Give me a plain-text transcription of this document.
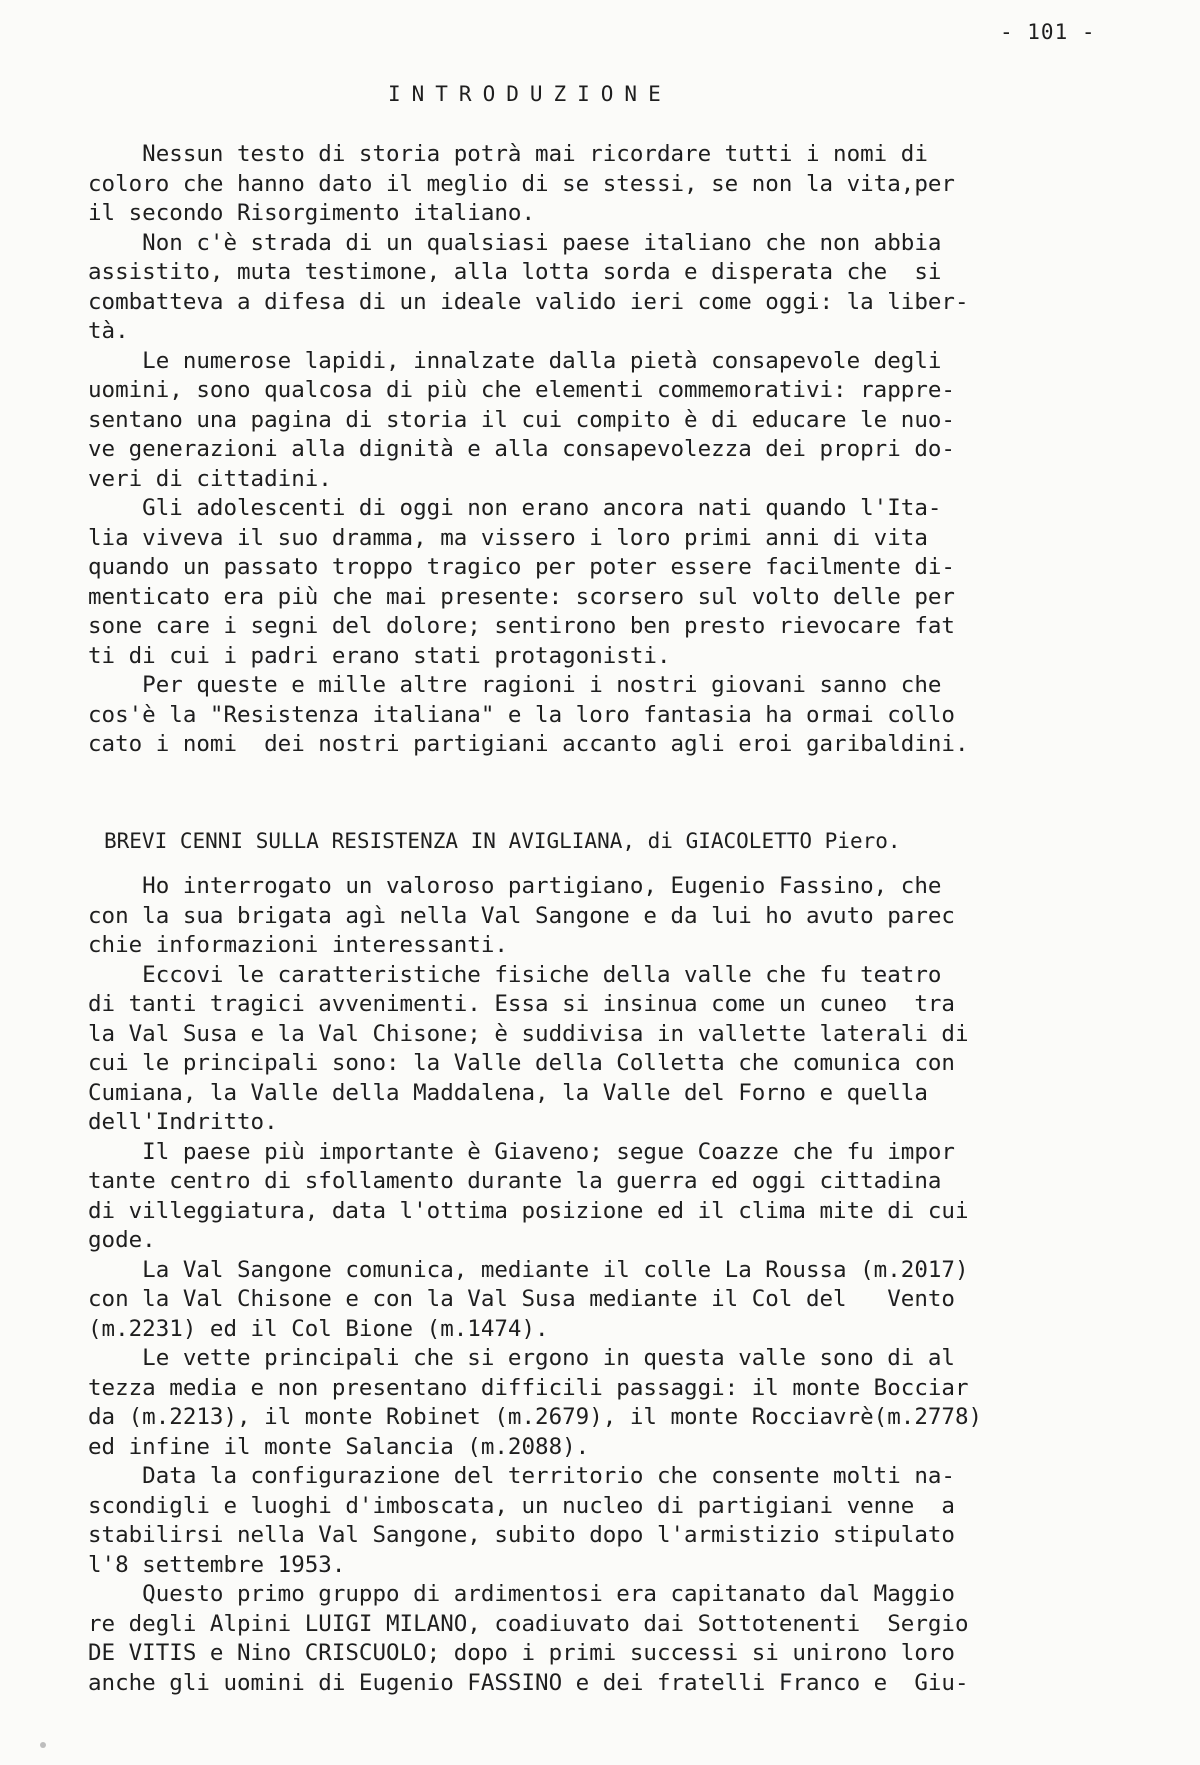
- 101 -
INTRODUZIONE
Nessun testo di storia potrà mai ricordare tutti i nomi di
coloro che hanno dato il meglio di se stessi, se non la vita,per
il secondo Risorgimento italiano.
Non c'è strada di un qualsiasi paese italiano che non abbia
assistito, muta testimone, alla lotta sorda e disperata che  si
combatteva a difesa di un ideale valido ieri come oggi: la liber-
tà.
Le numerose lapidi, innalzate dalla pietà consapevole degli
uomini, sono qualcosa di più che elementi commemorativi: rappre-
sentano una pagina di storia il cui compito è di educare le nuo-
ve generazioni alla dignità e alla consapevolezza dei propri do-
veri di cittadini.
Gli adolescenti di oggi non erano ancora nati quando l'Ita-
lia viveva il suo dramma, ma vissero i loro primi anni di vita
quando un passato troppo tragico per poter essere facilmente di-
menticato era più che mai presente: scorsero sul volto delle per
sone care i segni del dolore; sentirono ben presto rievocare fat
ti di cui i padri erano stati protagonisti.
Per queste e mille altre ragioni i nostri giovani sanno che
cos'è la "Resistenza italiana" e la loro fantasia ha ormai collo
cato i nomi  dei nostri partigiani accanto agli eroi garibaldini.
BREVI CENNI SULLA RESISTENZA IN AVIGLIANA, di GIACOLETTO Piero.
Ho interrogato un valoroso partigiano, Eugenio Fassino, che
con la sua brigata agì nella Val Sangone e da lui ho avuto parec
chie informazioni interessanti.
Eccovi le caratteristiche fisiche della valle che fu teatro
di tanti tragici avvenimenti. Essa si insinua come un cuneo  tra
la Val Susa e la Val Chisone; è suddivisa in vallette laterali di
cui le principali sono: la Valle della Colletta che comunica con
Cumiana, la Valle della Maddalena, la Valle del Forno e quella
dell'Indritto.
Il paese più importante è Giaveno; segue Coazze che fu impor
tante centro di sfollamento durante la guerra ed oggi cittadina
di villeggiatura, data l'ottima posizione ed il clima mite di cui
gode.
La Val Sangone comunica, mediante il colle La Roussa (m.2017)
con la Val Chisone e con la Val Susa mediante il Col del   Vento
(m.2231) ed il Col Bione (m.1474).
Le vette principali che si ergono in questa valle sono di al
tezza media e non presentano difficili passaggi: il monte Bocciar
da (m.2213), il monte Robinet (m.2679), il monte Rocciavrè(m.2778)
ed infine il monte Salancia (m.2088).
Data la configurazione del territorio che consente molti na-
scondigli e luoghi d'imboscata, un nucleo di partigiani venne  a
stabilirsi nella Val Sangone, subito dopo l'armistizio stipulato
l'8 settembre 1953.
Questo primo gruppo di ardimentosi era capitanato dal Maggio
re degli Alpini LUIGI MILANO, coadiuvato dai Sottotenenti  Sergio
DE VITIS e Nino CRISCUOLO; dopo i primi successi si unirono loro
anche gli uomini di Eugenio FASSINO e dei fratelli Franco e  Giu-
